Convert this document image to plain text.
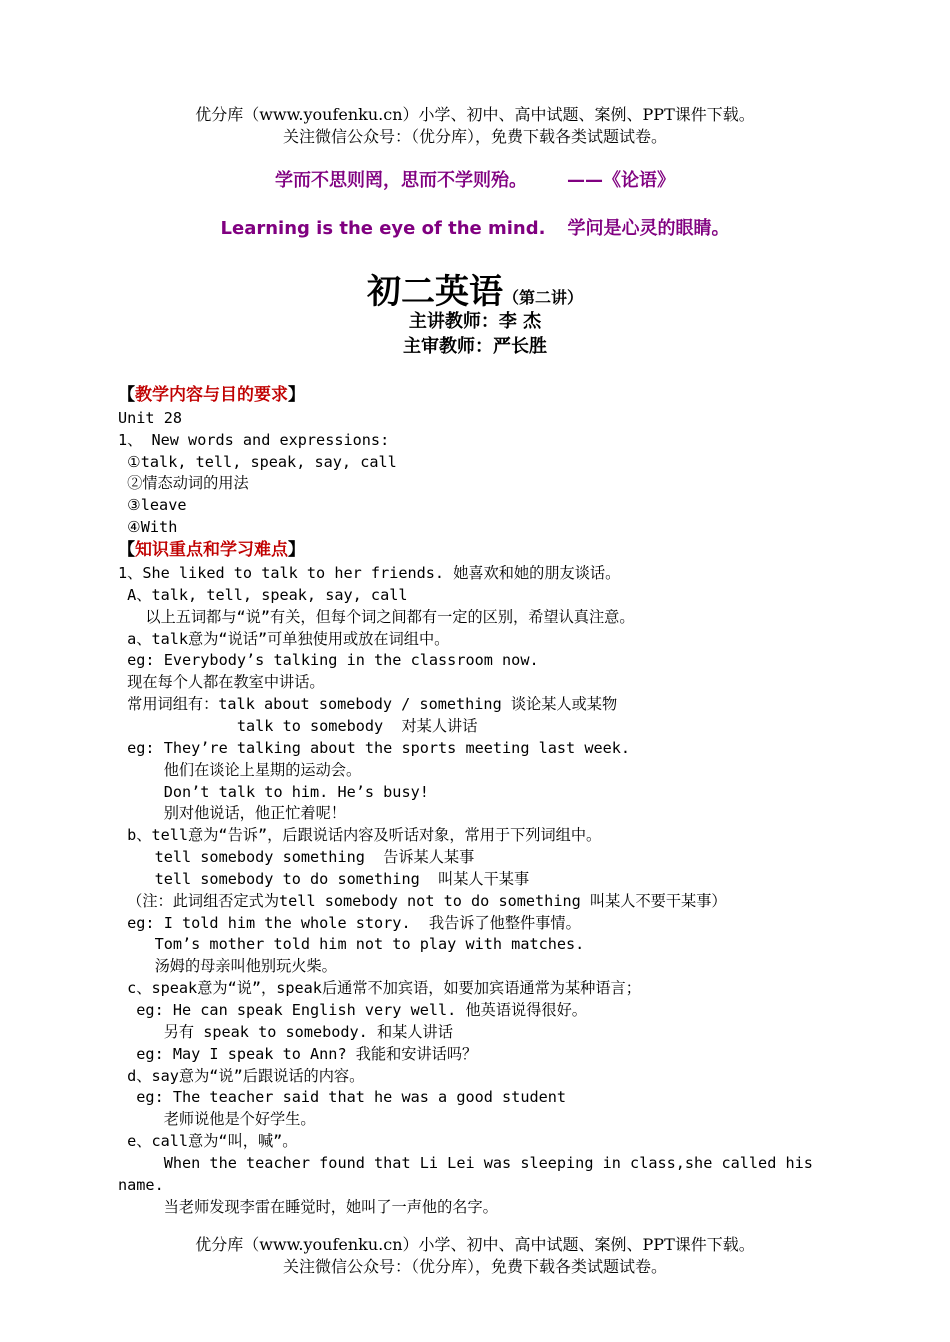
优分库（www.youfenku.cn）小学、初中、高中试题、案例、PPT课件下载。
关注微信公众号：（优分库），免费下载各类试题试卷。
学而不思则罔，思而不学则殆。 ——《论语》
Learning is the eye of the mind. 学问是心灵的眼睛。
初二英语（第二讲）
主讲教师：李 杰
主审教师：严长胜
【教学内容与目的要求】
Unit 28
1、 New words and expressions:
①talk, tell, speak, say, call
②情态动词的用法
③leave
④With
【知识重点和学习难点】
1、She liked to talk to her friends. 她喜欢和她的朋友谈话。
A、talk, tell, speak, say, call
以上五词都与“说”有关，但每个词之间都有一定的区别，希望认真注意。
a、talk意为“说话”可单独使用或放在词组中。
eg: Everybody’s talking in the classroom now.
现在每个人都在教室中讲话。
常用词组有：talk about somebody / something 谈论某人或某物
talk to somebody  对某人讲话
eg: They’re talking about the sports meeting last week.
他们在谈论上星期的运动会。
Don’t talk to him. He’s busy!
别对他说话，他正忙着呢！
b、tell意为“告诉”，后跟说话内容及听话对象，常用于下列词组中。
tell somebody something  告诉某人某事
tell somebody to do something  叫某人干某事
（注：此词组否定式为tell somebody not to do something 叫某人不要干某事）
eg: I told him the whole story.  我告诉了他整件事情。
Tom’s mother told him not to play with matches.
汤姆的母亲叫他别玩火柴。
c、speak意为“说”，speak后通常不加宾语，如要加宾语通常为某种语言；
eg: He can speak English very well. 他英语说得很好。
另有 speak to somebody. 和某人讲话
eg: May I speak to Ann? 我能和安讲话吗？
d、say意为“说”后跟说话的内容。
eg: The teacher said that he was a good student
老师说他是个好学生。
e、call意为“叫，喊”。
When the teacher found that Li Lei was sleeping in class,she called his
name.
当老师发现李雷在睡觉时，她叫了一声他的名字。
优分库（www.youfenku.cn）小学、初中、高中试题、案例、PPT课件下载。
关注微信公众号：（优分库），免费下载各类试题试卷。
